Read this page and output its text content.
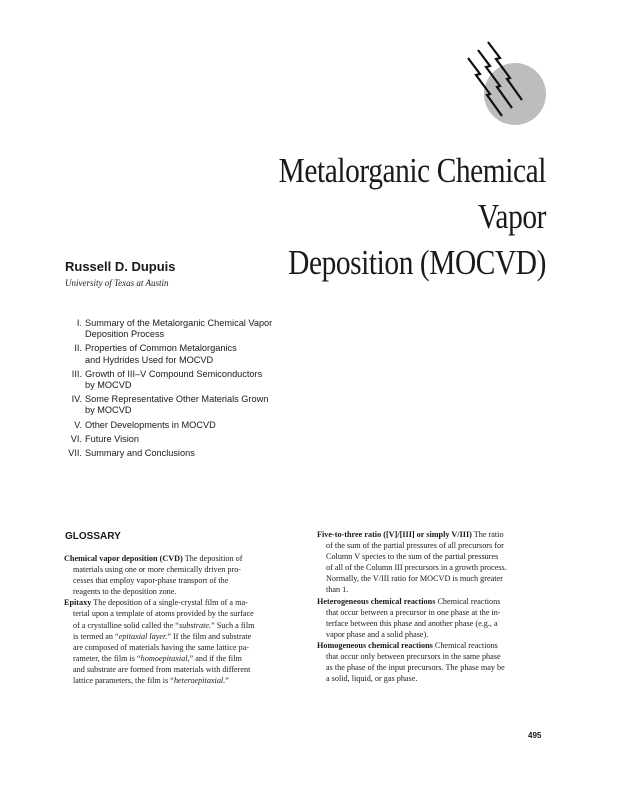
Metalorganic Chemical Vapor
Deposition (MOCVD)
Russell D. Dupuis
University of Texas at Austin
I. Summary of the Metalorganic Chemical Vapor
Deposition Process
II. Properties of Common Metalorganics
and Hydrides Used for MOCVD
III. Growth of III–V Compound Semiconductors
by MOCVD
IV. Some Representative Other Materials Grown
by MOCVD
V. Other Developments in MOCVD
VI. Future Vision
VII. Summary and Conclusions
GLOSSARY
Chemical vapor deposition (CVD) The deposition of
materials using one or more chemically driven pro-
cesses that employ vapor-phase transport of the
reagents to the deposition zone.
Epitaxy The deposition of a single-crystal film of a ma-
terial upon a template of atoms provided by the surface
of a crystalline solid called the “substrate.” Such a film
is termed an “epitaxial layer.” If the film and substrate
are composed of materials having the same lattice pa-
rameter, the film is “homoepitaxial,” and if the film
and substrate are formed from materials with different
lattice parameters, the film is “heteroepitaxial.”
Five-to-three ratio ([V]/[III] or simply V/III) The ratio
of the sum of the partial pressures of all precursors for
Column V species to the sum of the partial pressures
of all of the Column III precursors in a growth process.
Normally, the V/III ratio for MOCVD is much greater
than 1.
Heterogeneous chemical reactions Chemical reactions
that occur between a precursor in one phase at the in-
terface between this phase and another phase (e.g., a
vapor phase and a solid phase).
Homogeneous chemical reactions Chemical reactions
that occur only between precursors in the same phase
as the phase of the input precursors. The phase may be
a solid, liquid, or gas phase.
495
